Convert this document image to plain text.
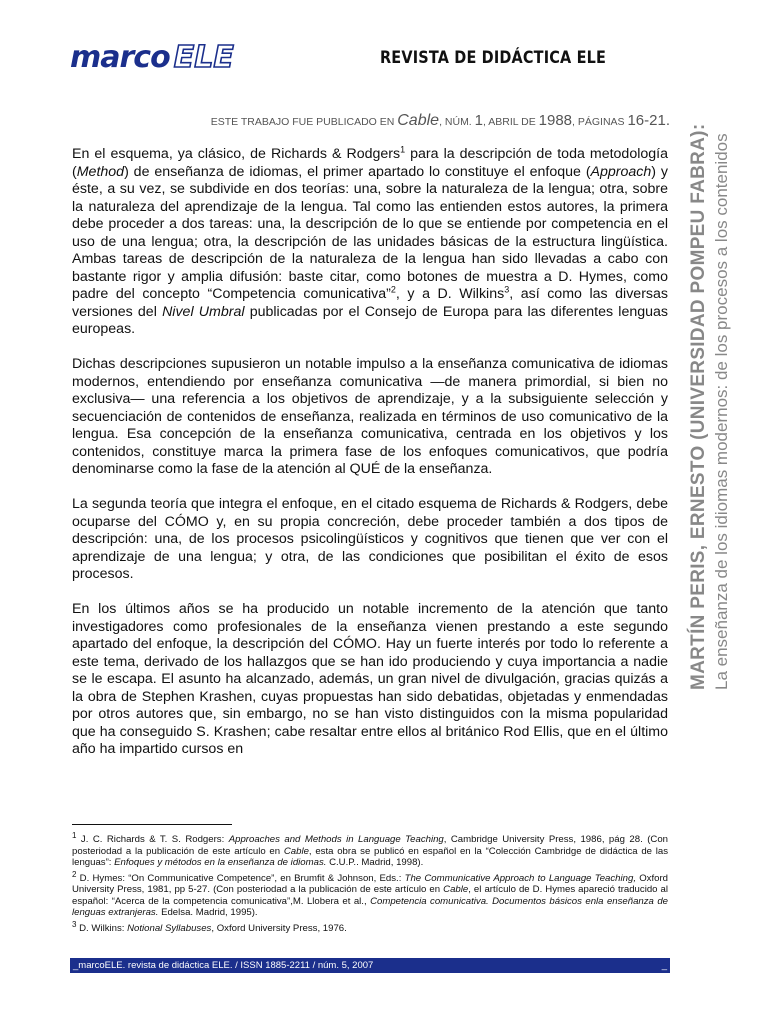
marco ELE	REVISTA DE DIDÁCTICA ELE
ESTE TRABAJO FUE PUBLICADO EN Cable, NÚM. 1, ABRIL DE 1988, PÁGINAS 16-21.

En el esquema, ya clásico, de Richards & Rodgers$^1$ para la descripción de toda metodología (Method) de enseñanza de idiomas, el primer apartado lo constituye el enfoque (Approach) y éste, a su vez, se subdivide en dos teorías: una, sobre la naturaleza de la lengua; otra, sobre la naturaleza del aprendizaje de la lengua. Tal como las entienden estos autores, la primera debe proceder a dos tareas: una, la descripción de lo que se entiende por competencia en el uso de una lengua; otra, la descripción de las unidades básicas de la estructura lingüística. Ambas tareas de descripción de la naturaleza de la lengua han sido llevadas a cabo con bastante rigor y amplia difusión: baste citar, como botones de muestra a D. Hymes, como padre del concepto “Competencia comunicativa”$^2$, y a D. Wilkins$^3$, así como las diversas versiones del Nivel Umbral publicadas por el Consejo de Europa para las diferentes lenguas europeas.

Dichas descripciones supusieron un notable impulso a la enseñanza comunicativa de idiomas modernos, entendiendo por enseñanza comunicativa —de manera primordial, si bien no exclusiva— una referencia a los objetivos de aprendizaje, y a la subsiguiente selección y secuenciación de contenidos de enseñanza, realizada en términos de uso comunicativo de la lengua. Esa concepción de la enseñanza comunicativa, centrada en los objetivos y los contenidos, constituye marca la primera fase de los enfoques comunicativos, que podría denominarse como la fase de la atención al QUÉ de la enseñanza.

La segunda teoría que integra el enfoque, en el citado esquema de Richards & Rodgers, debe ocuparse del CÓMO y, en su propia concreción, debe proceder también a dos tipos de descripción: una, de los procesos psicolingüísticos y cognitivos que tienen que ver con el aprendizaje de una lengua; y otra, de las condiciones que posibilitan el éxito de esos procesos.

En los últimos años se ha producido un notable incremento de la atención que tanto investigadores como profesionales de la enseñanza vienen prestando a este segundo apartado del enfoque, la descripción del CÓMO. Hay un fuerte interés por todo lo referente a este tema, derivado de los hallazgos que se han ido produciendo y cuya importancia a nadie se le escapa. El asunto ha alcanzado, además, un gran nivel de divulgación, gracias quizás a la obra de Stephen Krashen, cuyas propuestas han sido debatidas, objetadas y enmendadas por otros autores que, sin embargo, no se han visto distinguidos con la misma popularidad que ha conseguido S. Krashen; cabe resaltar entre ellos al británico Rod Ellis, que en el último año ha impartido cursos en

$^1$ J. C. Richards & T. S. Rodgers: Approaches and Methods in Language Teaching, Cambridge University Press, 1986, pág 28. (Con posteriodad a la publicación de este artículo en Cable, esta obra se publicó en español en la “Colección Cambridge de didáctica de las lenguas”: Enfoques y métodos en la enseñanza de idiomas. C.U.P.. Madrid, 1998).

$^2$ D. Hymes: “On Communicative Competence”, en Brumfit & Johnson, Eds.: The Communicative Approach to Language Teaching, Oxford University Press, 1981, pp 5-27. (Con posteriodad a la publicación de este artículo en Cable, el artículo de D. Hymes apareció traducido al español: “Acerca de la competencia comunicativa”,M. Llobera et al., Competencia comunicativa. Documentos básicos enla enseñanza de lenguas extranjeras. Edelsa. Madrid, 1995).

$^3$ D. Wilkins: Notional Syllabuses, Oxford University Press, 1976.

_marcoELE. revista de didáctica ELE. / ISSN 1885-2211 / núm. 5, 2007	_
MARTÍN PERIS, ERNESTO (UNIVERSIDAD POMPEU FABRA): La enseñanza de los idiomas modernos: de los procesos a los contenidos
